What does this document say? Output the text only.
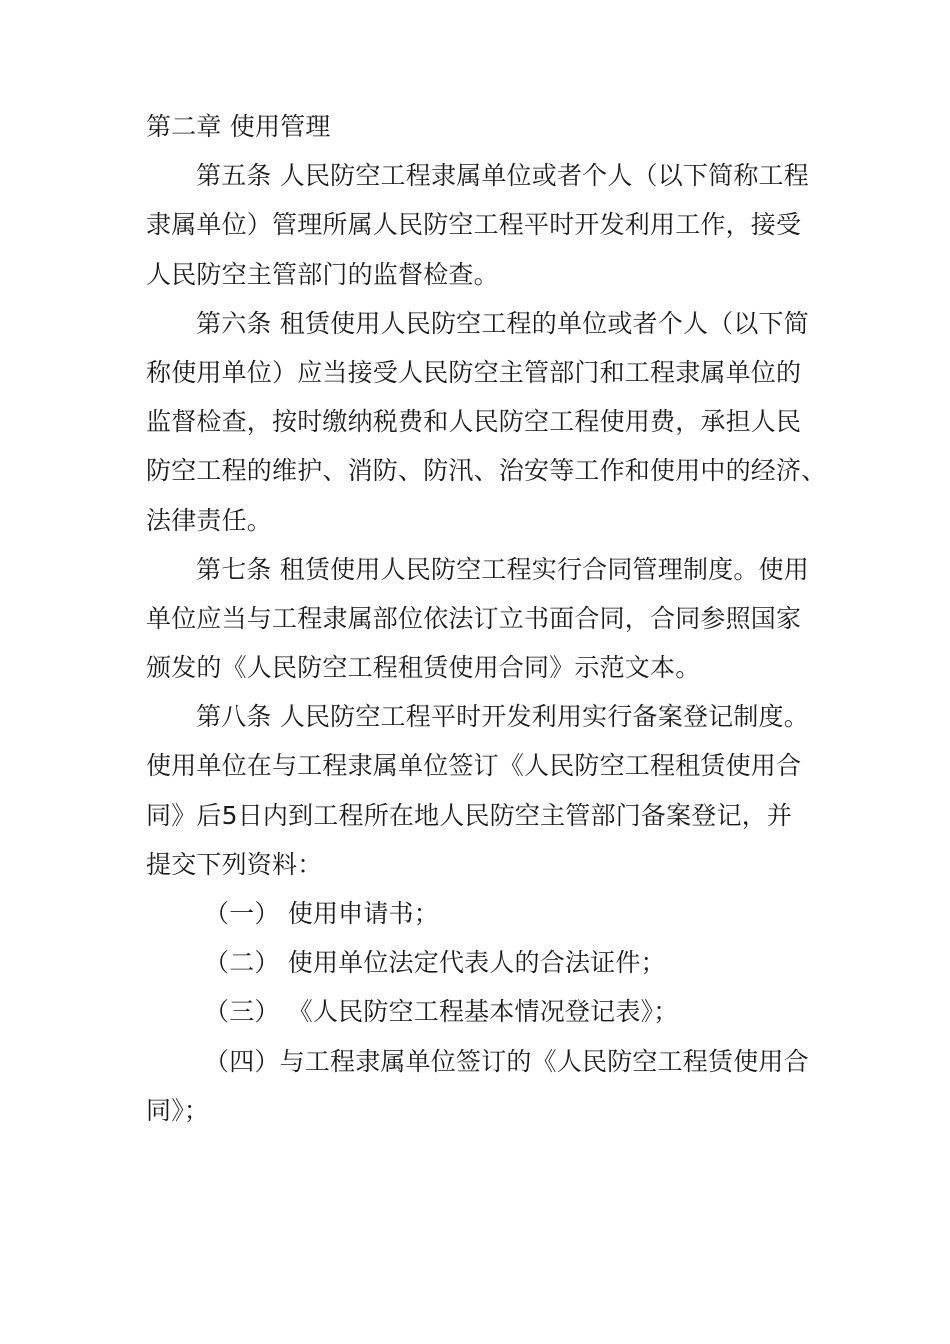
第二章 使用管理
第五条 人民防空工程隶属单位或者个人（以下简称工程
隶属单位）管理所属人民防空工程平时开发利用工作，接受
人民防空主管部门的监督检查。
第六条 租赁使用人民防空工程的单位或者个人（以下简
称使用单位）应当接受人民防空主管部门和工程隶属单位的
监督检查，按时缴纳税费和人民防空工程使用费，承担人民
防空工程的维护、消防、防汛、治安等工作和使用中的经济、
法律责任。
第七条 租赁使用人民防空工程实行合同管理制度。使用
单位应当与工程隶属部位依法订立书面合同，合同参照国家
颁发的《人民防空工程租赁使用合同》示范文本。
第八条 人民防空工程平时开发利用实行备案登记制度。
使用单位在与工程隶属单位签订《人民防空工程租赁使用合
同》后5日内到工程所在地人民防空主管部门备案登记，并
提交下列资料：
（一） 使用申请书；
（二） 使用单位法定代表人的合法证件；
（三） 《人民防空工程基本情况登记表》；
（四）与工程隶属单位签订的《人民防空工程赁使用合
同》；
